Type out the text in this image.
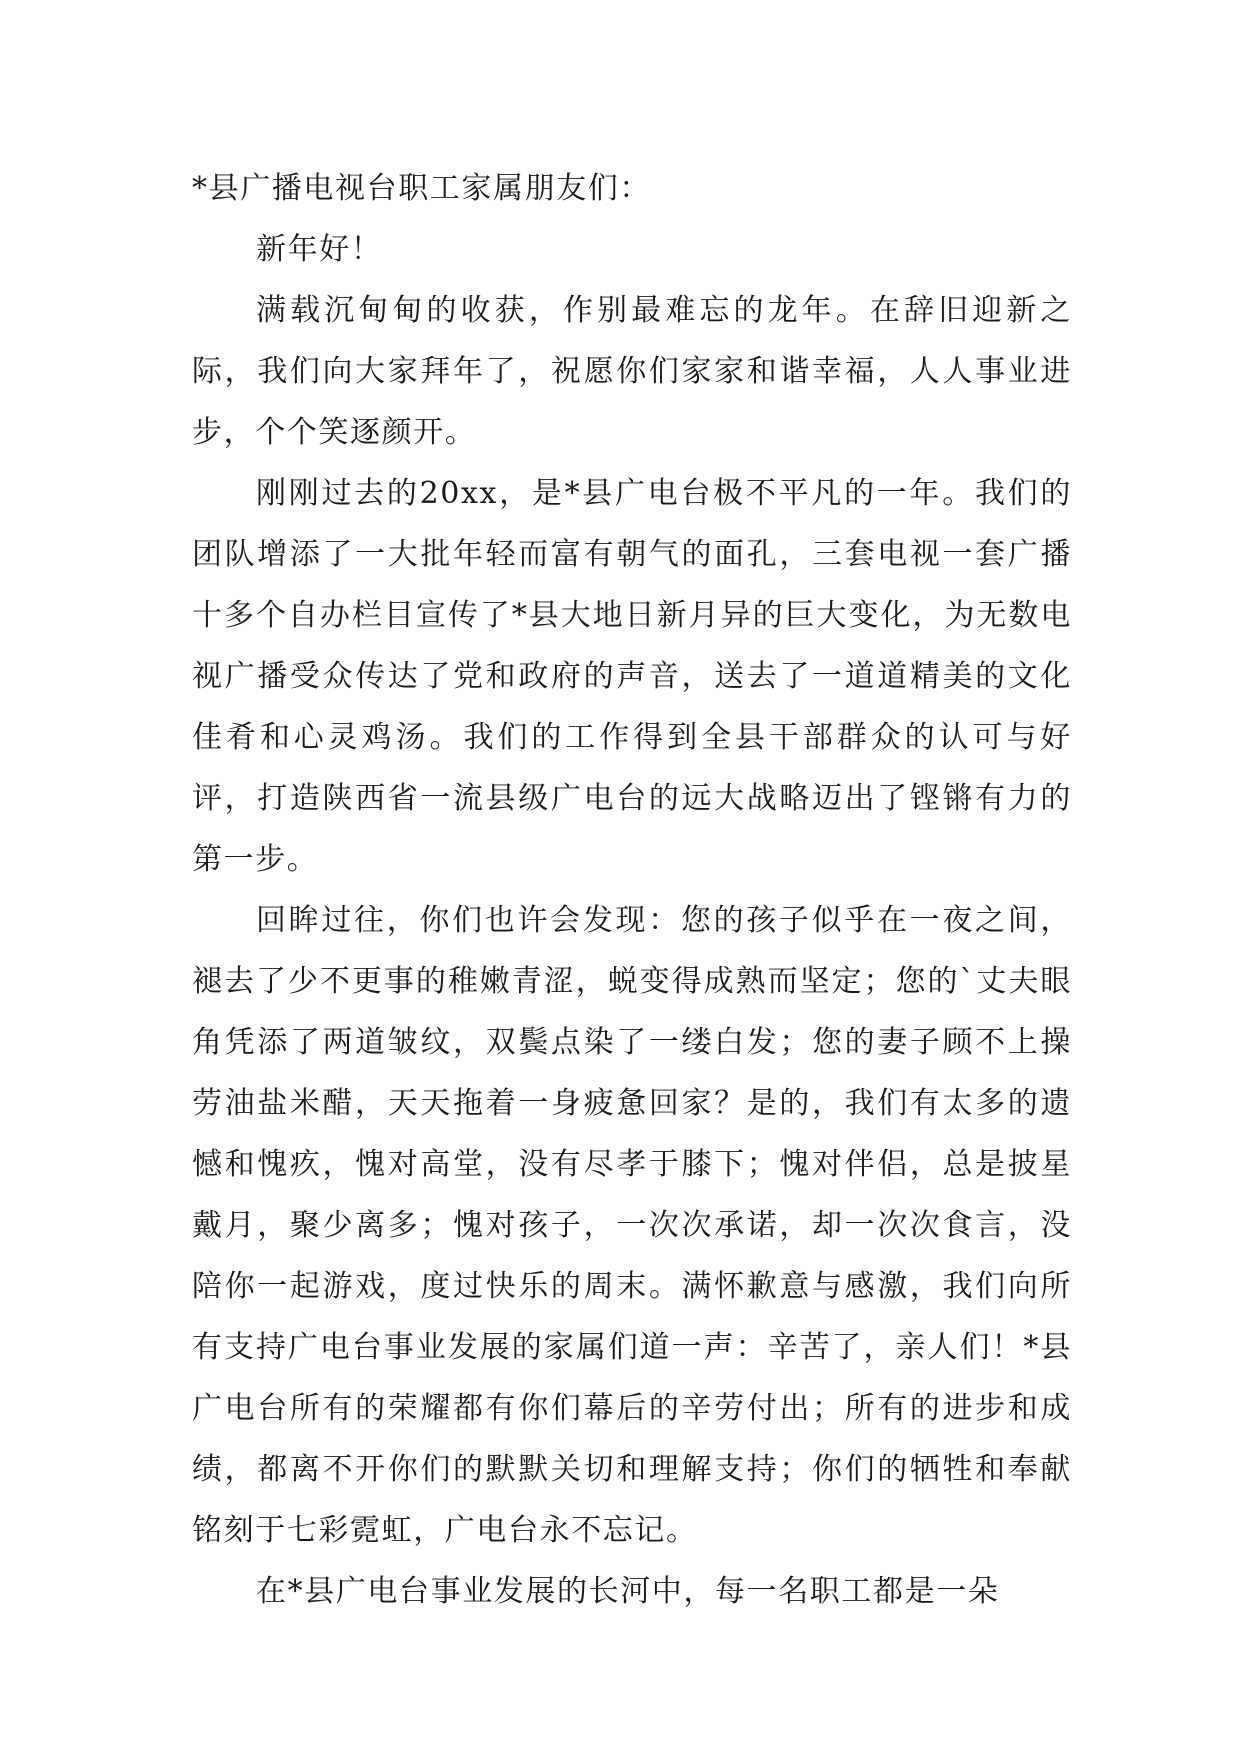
*县广播电视台职工家属朋友们：

新年好！

满载沉甸甸的收获，作别最难忘的龙年。在辞旧迎新之际，我们向大家拜年了，祝愿你们家家和谐幸福，人人事业进步，个个笑逐颜开。

刚刚过去的20xx，是*县广电台极不平凡的一年。我们的团队增添了一大批年轻而富有朝气的面孔，三套电视一套广播十多个自办栏目宣传了*县大地日新月异的巨大变化，为无数电视广播受众传达了党和政府的声音，送去了一道道精美的文化佳肴和心灵鸡汤。我们的工作得到全县干部群众的认可与好评，打造陕西省一流县级广电台的远大战略迈出了铿锵有力的第一步。

回眸过往，你们也许会发现：您的孩子似乎在一夜之间，褪去了少不更事的稚嫩青涩，蜕变得成熟而坚定；您的`丈夫眼角凭添了两道皱纹，双鬓点染了一缕白发；您的妻子顾不上操劳油盐米醋，天天拖着一身疲惫回家？是的，我们有太多的遗憾和愧疚，愧对高堂，没有尽孝于膝下；愧对伴侣，总是披星戴月，聚少离多；愧对孩子，一次次承诺，却一次次食言，没陪你一起游戏，度过快乐的周末。满怀歉意与感激，我们向所有支持广电台事业发展的家属们道一声：辛苦了，亲人们！*县广电台所有的荣耀都有你们幕后的辛劳付出；所有的进步和成绩，都离不开你们的默默关切和理解支持；你们的牺牲和奉献铭刻于七彩霓虹，广电台永不忘记。

在*县广电台事业发展的长河中，每一名职工都是一朵
